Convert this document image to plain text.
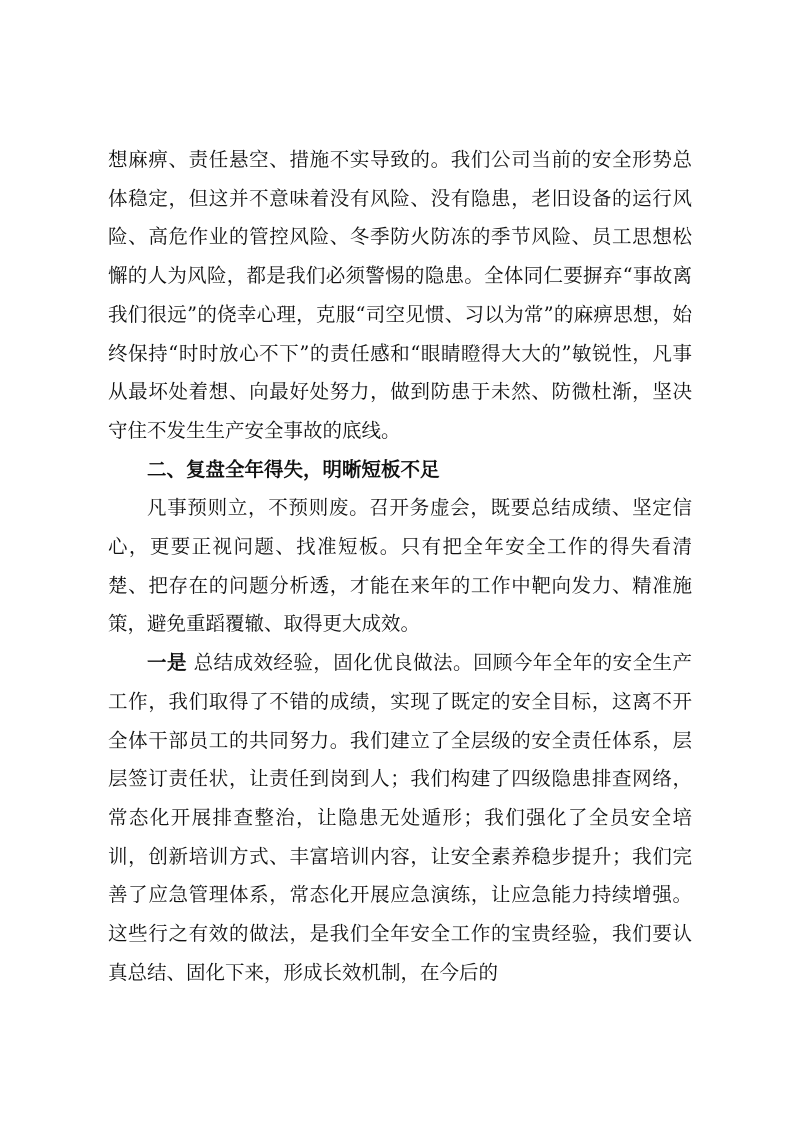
想麻痹、责任悬空、措施不实导致的。我们公司当前的安全形势总体稳定，但这并不意味着没有风险、没有隐患，老旧设备的运行风险、高危作业的管控风险、冬季防火防冻的季节风险、员工思想松懈的人为风险，都是我们必须警惕的隐患。全体同仁要摒弃“事故离我们很远”的侥幸心理，克服“司空见惯、习以为常”的麻痹思想，始终保持“时时放心不下”的责任感和“眼睛瞪得大大的”敏锐性，凡事从最坏处着想、向最好处努力，做到防患于未然、防微杜渐，坚决守住不发生生产安全事故的底线。

二、复盘全年得失，明晰短板不足

凡事预则立，不预则废。召开务虚会，既要总结成绩、坚定信心，更要正视问题、找准短板。只有把全年安全工作的得失看清楚、把存在的问题分析透，才能在来年的工作中靶向发力、精准施策，避免重蹈覆辙、取得更大成效。

一是 总结成效经验，固化优良做法。回顾今年全年的安全生产工作，我们取得了不错的成绩，实现了既定的安全目标，这离不开全体干部员工的共同努力。我们建立了全层级的安全责任体系，层层签订责任状，让责任到岗到人；我们构建了四级隐患排查网络，常态化开展排查整治，让隐患无处遁形；我们强化了全员安全培训，创新培训方式、丰富培训内容，让安全素养稳步提升；我们完善了应急管理体系，常态化开展应急演练，让应急能力持续增强。这些行之有效的做法，是我们全年安全工作的宝贵经验，我们要认真总结、固化下来，形成长效机制，在今后的
